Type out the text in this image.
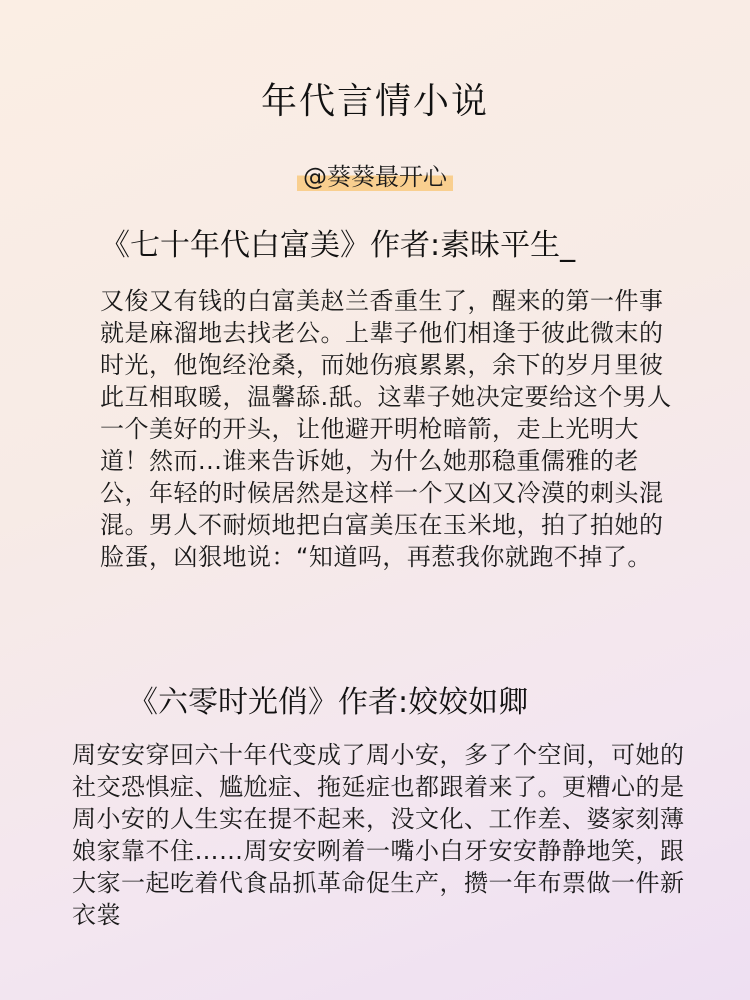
年代言情小说
@葵葵最开心
《七十年代白富美》作者:素昧平生_
又俊又有钱的白富美赵兰香重生了，醒来的第一件事就是麻溜地去找老公。上辈子他们相逢于彼此微末的时光，他饱经沧桑，而她伤痕累累，余下的岁月里彼此互相取暖，温馨舔.舐。这辈子她决定要给这个男人一个美好的开头，让他避开明枪暗箭，走上光明大道！然而...谁来告诉她，为什么她那稳重儒雅的老公，年轻的时候居然是这样一个又凶又冷漠的刺头混混。男人不耐烦地把白富美压在玉米地，拍了拍她的脸蛋，凶狠地说：“知道吗，再惹我你就跑不掉了。
《六零时光俏》作者:姣姣如卿
周安安穿回六十年代变成了周小安，多了个空间，可她的社交恐惧症、尴尬症、拖延症也都跟着来了。更糟心的是周小安的人生实在提不起来，没文化、工作差、婆家刻薄娘家靠不住……周安安咧着一嘴小白牙安安静静地笑，跟大家一起吃着代食品抓革命促生产，攒一年布票做一件新衣裳
